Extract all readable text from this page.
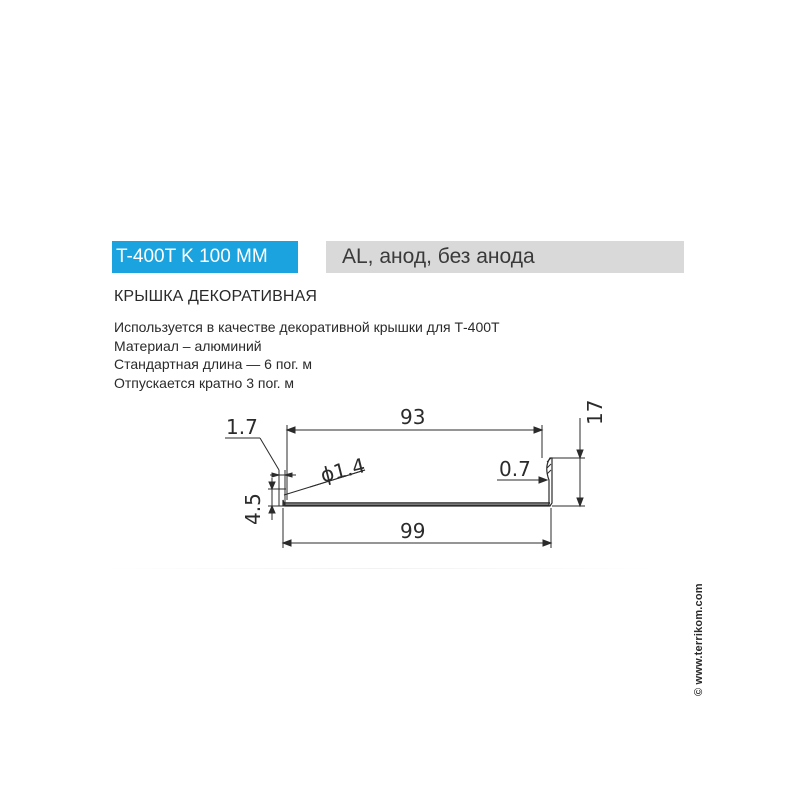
T-400T K 100 MM	AL, анод, без анода
КРЫШКА ДЕКОРАТИВНАЯ
Используется в качестве декоративной крышки для Т-400Т
Материал – алюминий
Стандартная длина — 6 пог. м
Отпускается кратно 3 пог. м
93
99
17
0.7
1.7
ϕ1.4
4.5
© www.terrikom.com
